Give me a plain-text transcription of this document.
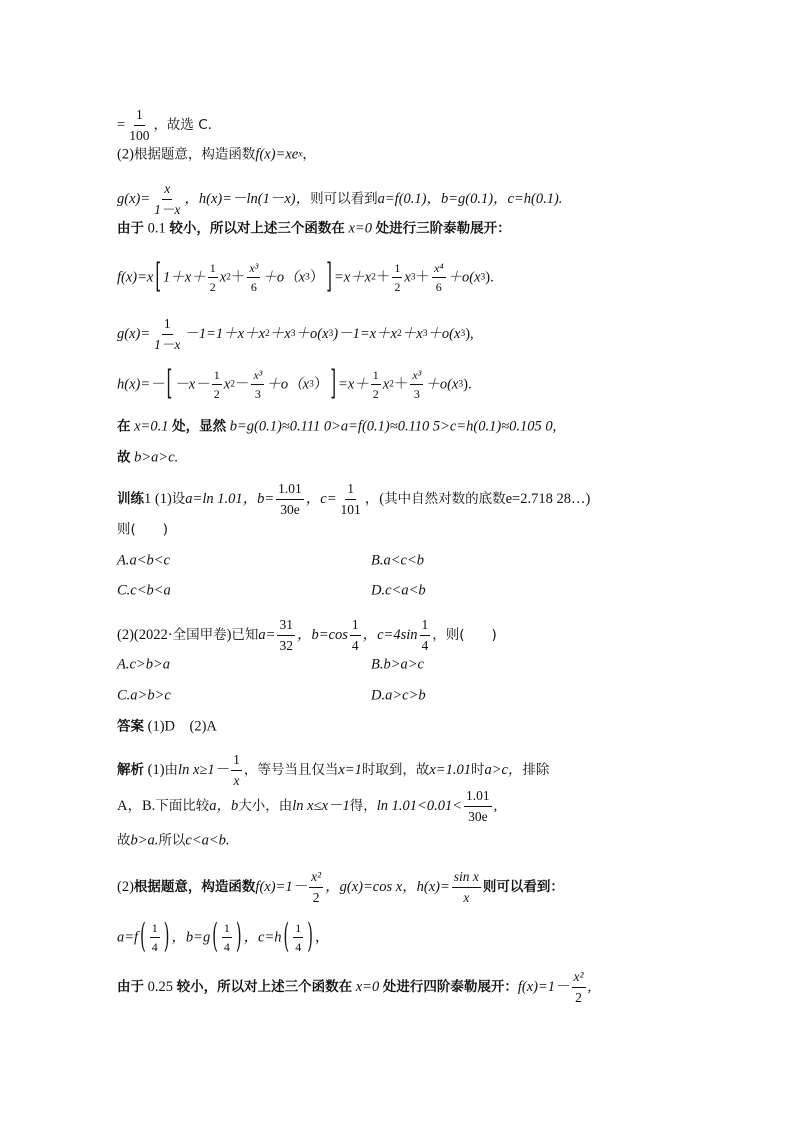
= $\frac{1}{100}$ ，故选 C.
(2)根据题意，构造函数f(x)=xex，
$g(x)= \frac{x}{1-x}$ ，h(x)=－ln(1－x)，则可以看到a=f(0.1)，b=g(0.1)，c=h(0.1).
由于 0.1 较小，所以对上述三个函数在 x=0 处进行三阶泰勒展开：
f(x)=x [ $1+x+ \frac{1}{2} x2+ \frac{\text{x³}}{6} +o(x3)$ ] $=x+x2+ \frac{1}{2} x3+ \frac{\text{x⁴}}{6} +o(x3)$.
$g(x)= \frac{1}{1-x} -1=1+x+x2+x3+o(x3)-1=x+x2+x3+o(x3)$,
h(x)=－ [ $-x- \frac{1}{2} x2- \frac{\text{x³}}{3} +o(x3)$ ] $=x+ \frac{1}{2} x2+ \frac{\text{x³}}{3} +o(x3)$.
在 x=0.1 处，显然 b=g(0.1)≈0.111 0>a=f(0.1)≈0.110 5>c=h(0.1)≈0.105 0,
故 b>a>c.
训练1 (1)设a=ln 1.01，$b= \frac{1.01}{30e}$ ，$c= \frac{1}{101}$ ，(其中自然对数的底数e=2.718 28…)
则(　　)
A.a<b<c	B.a<c<b
C.c<b<a	D.c<a<b
(2)(2022·全国甲卷)已知$a= \frac{31}{32}$ ，$b=\cos \frac{1}{4}$ ，$c=4\sin \frac{1}{4}$ ，则(　　)
A.c>b>a	B.b>a>c
C.a>b>c	D.a>c>b
答案 (1)D　(2)A
解析 (1)由$\ln x\ge 1- \frac{1}{x}$ ，等号当且仅当x=1时取到，故x=1.01时a>c，排除
A，B.下面比较a，b大小，由ln x≤x－1得，$\ln 1.01<0.01< \frac{1.01}{30e}$ ,
故b>a.所以c<a<b.
(2)根据题意，构造函数$f(x)=1- \frac{\text{x²}}{2}$ ，g(x)=cos x，$h(x)= \frac{\text{sin x}}{x}$ 则可以看到：
a=f ( $\frac{1}{4}$ ) ，b=g ( $\frac{1}{4}$ ) ，c=h ( $\frac{1}{4}$ ) ，
由于 0.25 较小，所以对上述三个函数在 x=0 处进行四阶泰勒展开：$f(x)=1- \frac{\text{x²}}{2}$ ,
